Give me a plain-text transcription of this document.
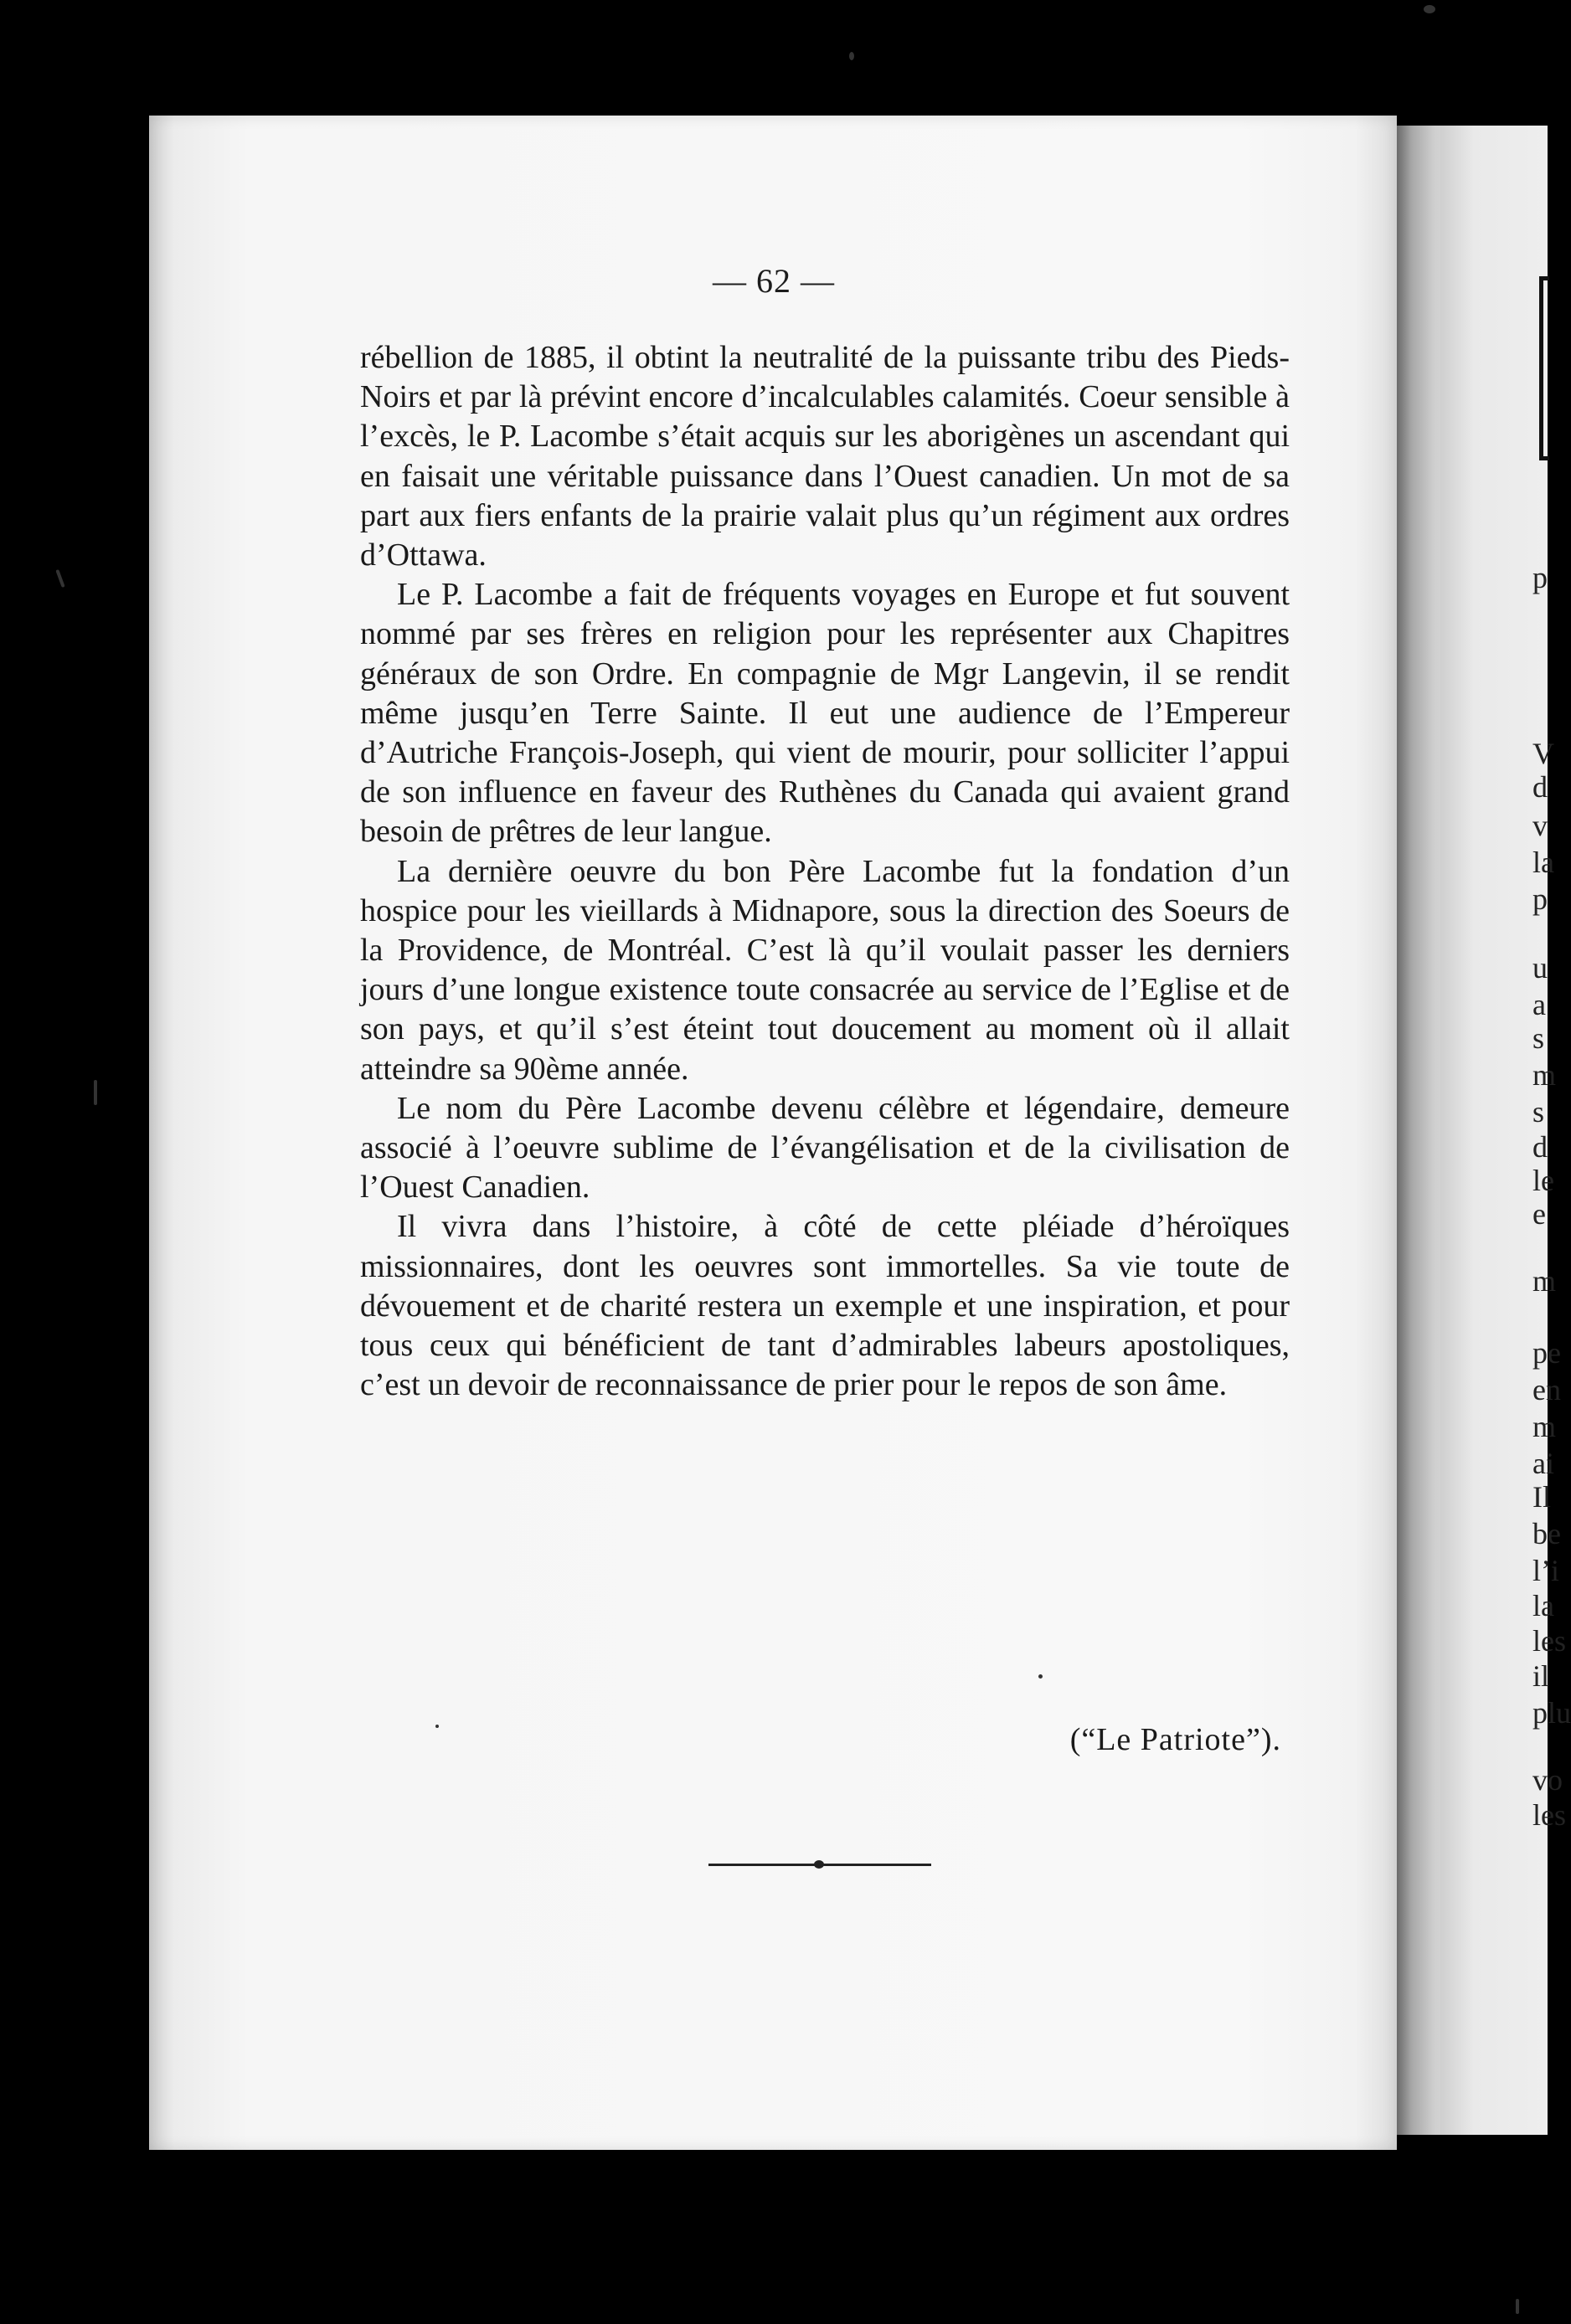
— 62 —

rébellion de 1885, il obtint la neutralité de la puissante tribu des Pieds-Noirs et par là prévint encore d’incalculables calamités. Coeur sensible à l’excès, le P. Lacombe s’était acquis sur les aborigènes un ascendant qui en faisait une véritable puissance dans l’Ouest canadien. Un mot de sa part aux fiers enfants de la prairie valait plus qu’un régiment aux ordres d’Ottawa.

Le P. Lacombe a fait de fréquents voyages en Europe et fut souvent nommé par ses frères en religion pour les représenter aux Chapitres généraux de son Ordre. En compagnie de Mgr Langevin, il se rendit même jusqu’en Terre Sainte. Il eut une audience de l’Empereur d’Autriche François-Joseph, qui vient de mourir, pour solliciter l’appui de son influence en faveur des Ruthènes du Canada qui avaient grand besoin de prêtres de leur langue.

La dernière oeuvre du bon Père Lacombe fut la fondation d’un hospice pour les vieillards à Midnapore, sous la direction des Soeurs de la Providence, de Montréal. C’est là qu’il voulait passer les derniers jours d’une longue existence toute consacrée au service de l’Eglise et de son pays, et qu’il s’est éteint tout doucement au moment où il allait atteindre sa 90ème année.

Le nom du Père Lacombe devenu célèbre et légendaire, demeure associé à l’oeuvre sublime de l’évangélisation et de la civilisation de l’Ouest Canadien.

Il vivra dans l’histoire, à côté de cette pléiade d’héroïques missionnaires, dont les oeuvres sont immortelles. Sa vie toute de dévouement et de charité restera un exemple et une inspiration, et pour tous ceux qui bénéficient de tant d’admirables labeurs apostoliques, c’est un devoir de reconnaissance de prier pour le repos de son âme.

(“Le Patriote”).
p
V
d
v
la
p
u
a
s
m
s
d
le
e
m
pe
en
m
ai
Il
be
l’i
la
les
il
plu
vo
les
